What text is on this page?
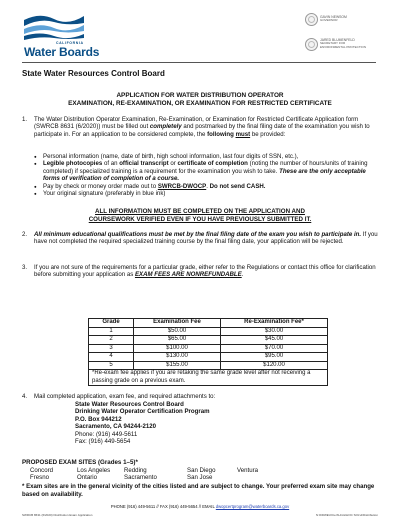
CALIFORNIA
Water Boards
GAVIN NEWSOM
GOVERNOR
JARED BLUMENFELD
SECRETARY FOR
ENVIRONMENTAL PROTECTION
State Water Resources Control Board
APPLICATION FOR WATER DISTRIBUTION OPERATOR
EXAMINATION, RE-EXAMINATION, OR EXAMINATION FOR RESTRICTED CERTIFICATE
1. The Water Distribution Operator Examination, Re-Examination, or Examination for Restricted Certificate Application form (SWRCB 8631 (6/2020)) must be filled out completely and postmarked by the final filing date of the examination you wish to participate in. For an application to be considered complete, the following must be provided:
● Personal information (name, date of birth, high school information, last four digits of SSN, etc.),
● Legible photocopies of an official transcript or certificate of completion (noting the number of hours/units of training completed) if specialized training is a requirement for the examination you wish to take. These are the only acceptable forms of verification of completion of a course.
● Pay by check or money order made out to SWRCB-DWOCP. Do not send CASH.
● Your original signature (preferably in blue ink)
ALL INFORMATION MUST BE COMPLETED ON THE APPLICATION AND
COURSEWORK VERIFIED EVEN IF YOU HAVE PREVIOUSLY SUBMITTED IT.
2. All minimum educational qualifications must be met by the final filing date of the exam you wish to participate in. If you have not completed the required specialized training course by the final filing date, your application will be rejected.
3. If you are not sure of the requirements for a particular grade, either refer to the Regulations or contact this office for clarification before submitting your application as EXAM FEES ARE NONREFUNDABLE.
Grade	Examination Fee	Re-Examination Fee*
1	$50.00	$30.00
2	$65.00	$45.00
3	$100.00	$70.00
4	$130.00	$95.00
5	$155.00	$120.00
*Re-exam fee applies if you are retaking the same grade level after not receiving a passing grade on a previous exam.		
4. Mail completed application, exam fee, and required attachments to:
State Water Resources Control Board
Drinking Water Operator Certification Program
P.O. Box 944212
Sacramento, CA 94244-2120
Phone: (916) 449-5611
Fax: (916) 449-5654
PROPOSED EXAM SITES (Grades 1–5)*
Concord	Los Angeles	Redding	San Diego	Ventura
Fresno	Ontario	Sacramento	San Jose
* Exam sites are in the general vicinity of the cities listed and are subject to change. Your preferred exam site may change based on availability.
PHONE (916) 449-5611 // FAX (916) 449-5654 // EMAIL dwopcertprogram@waterboards.ca.gov
SWRCB 8631 (6/2020) Distribution Exam Application	N:\DDWE\OCert\Units\HOC SOL\2\Distribution
